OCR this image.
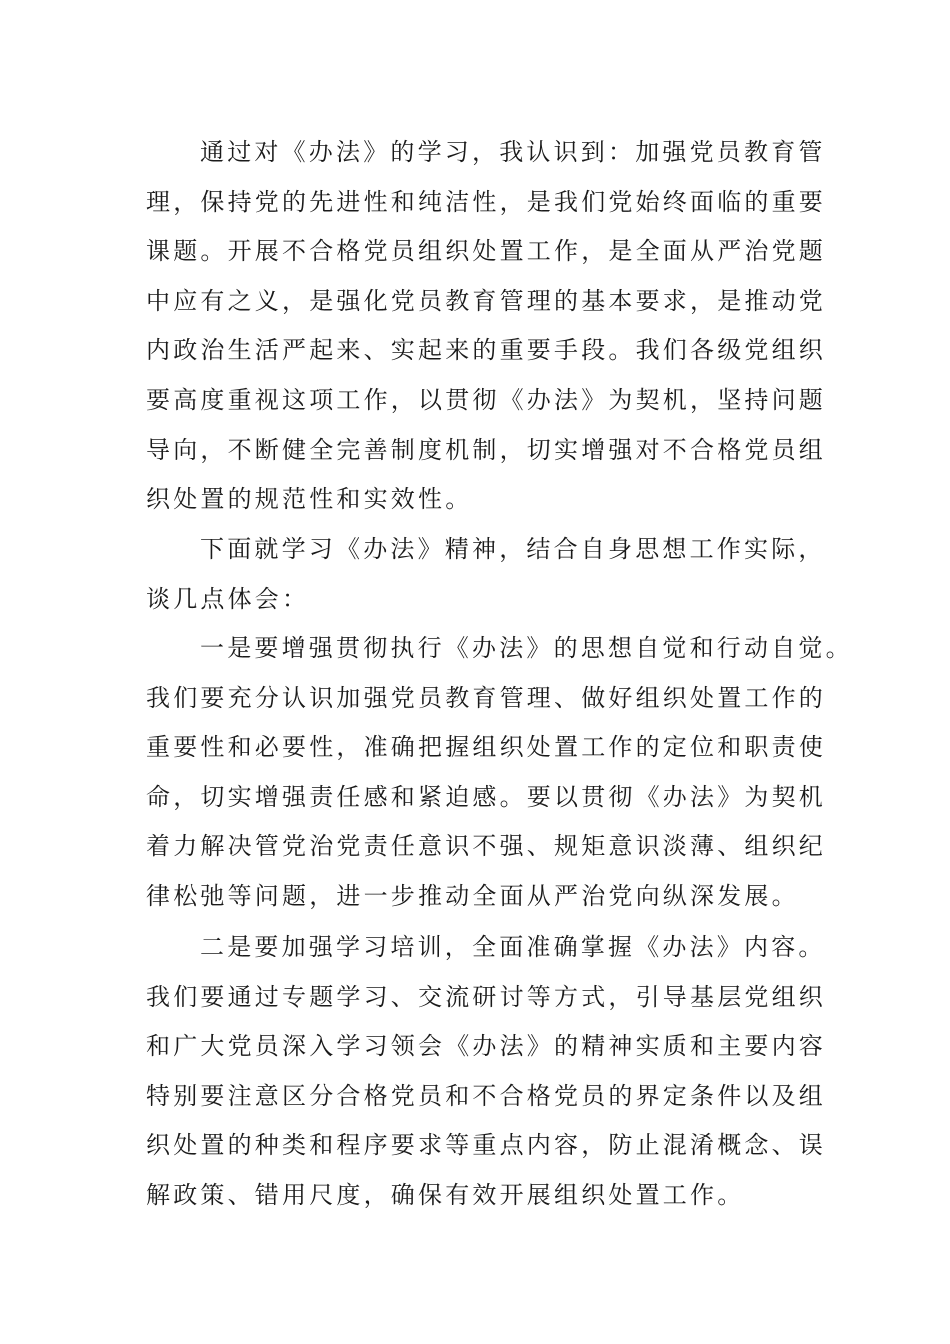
通过对《办法》的学习，我认识到：加强党员教育管
理，保持党的先进性和纯洁性，是我们党始终面临的重要
课题。开展不合格党员组织处置工作，是全面从严治党题
中应有之义，是强化党员教育管理的基本要求，是推动党
内政治生活严起来、实起来的重要手段。我们各级党组织
要高度重视这项工作，以贯彻《办法》为契机，坚持问题
导向，不断健全完善制度机制，切实增强对不合格党员组
织处置的规范性和实效性。
下面就学习《办法》精神，结合自身思想工作实际，
谈几点体会：
一是要增强贯彻执行《办法》的思想自觉和行动自觉。
我们要充分认识加强党员教育管理、做好组织处置工作的
重要性和必要性，准确把握组织处置工作的定位和职责使
命，切实增强责任感和紧迫感。要以贯彻《办法》为契机
着力解决管党治党责任意识不强、规矩意识淡薄、组织纪
律松弛等问题，进一步推动全面从严治党向纵深发展。
二是要加强学习培训，全面准确掌握《办法》内容。
我们要通过专题学习、交流研讨等方式，引导基层党组织
和广大党员深入学习领会《办法》的精神实质和主要内容
特别要注意区分合格党员和不合格党员的界定条件以及组
织处置的种类和程序要求等重点内容，防止混淆概念、误
解政策、错用尺度，确保有效开展组织处置工作。
